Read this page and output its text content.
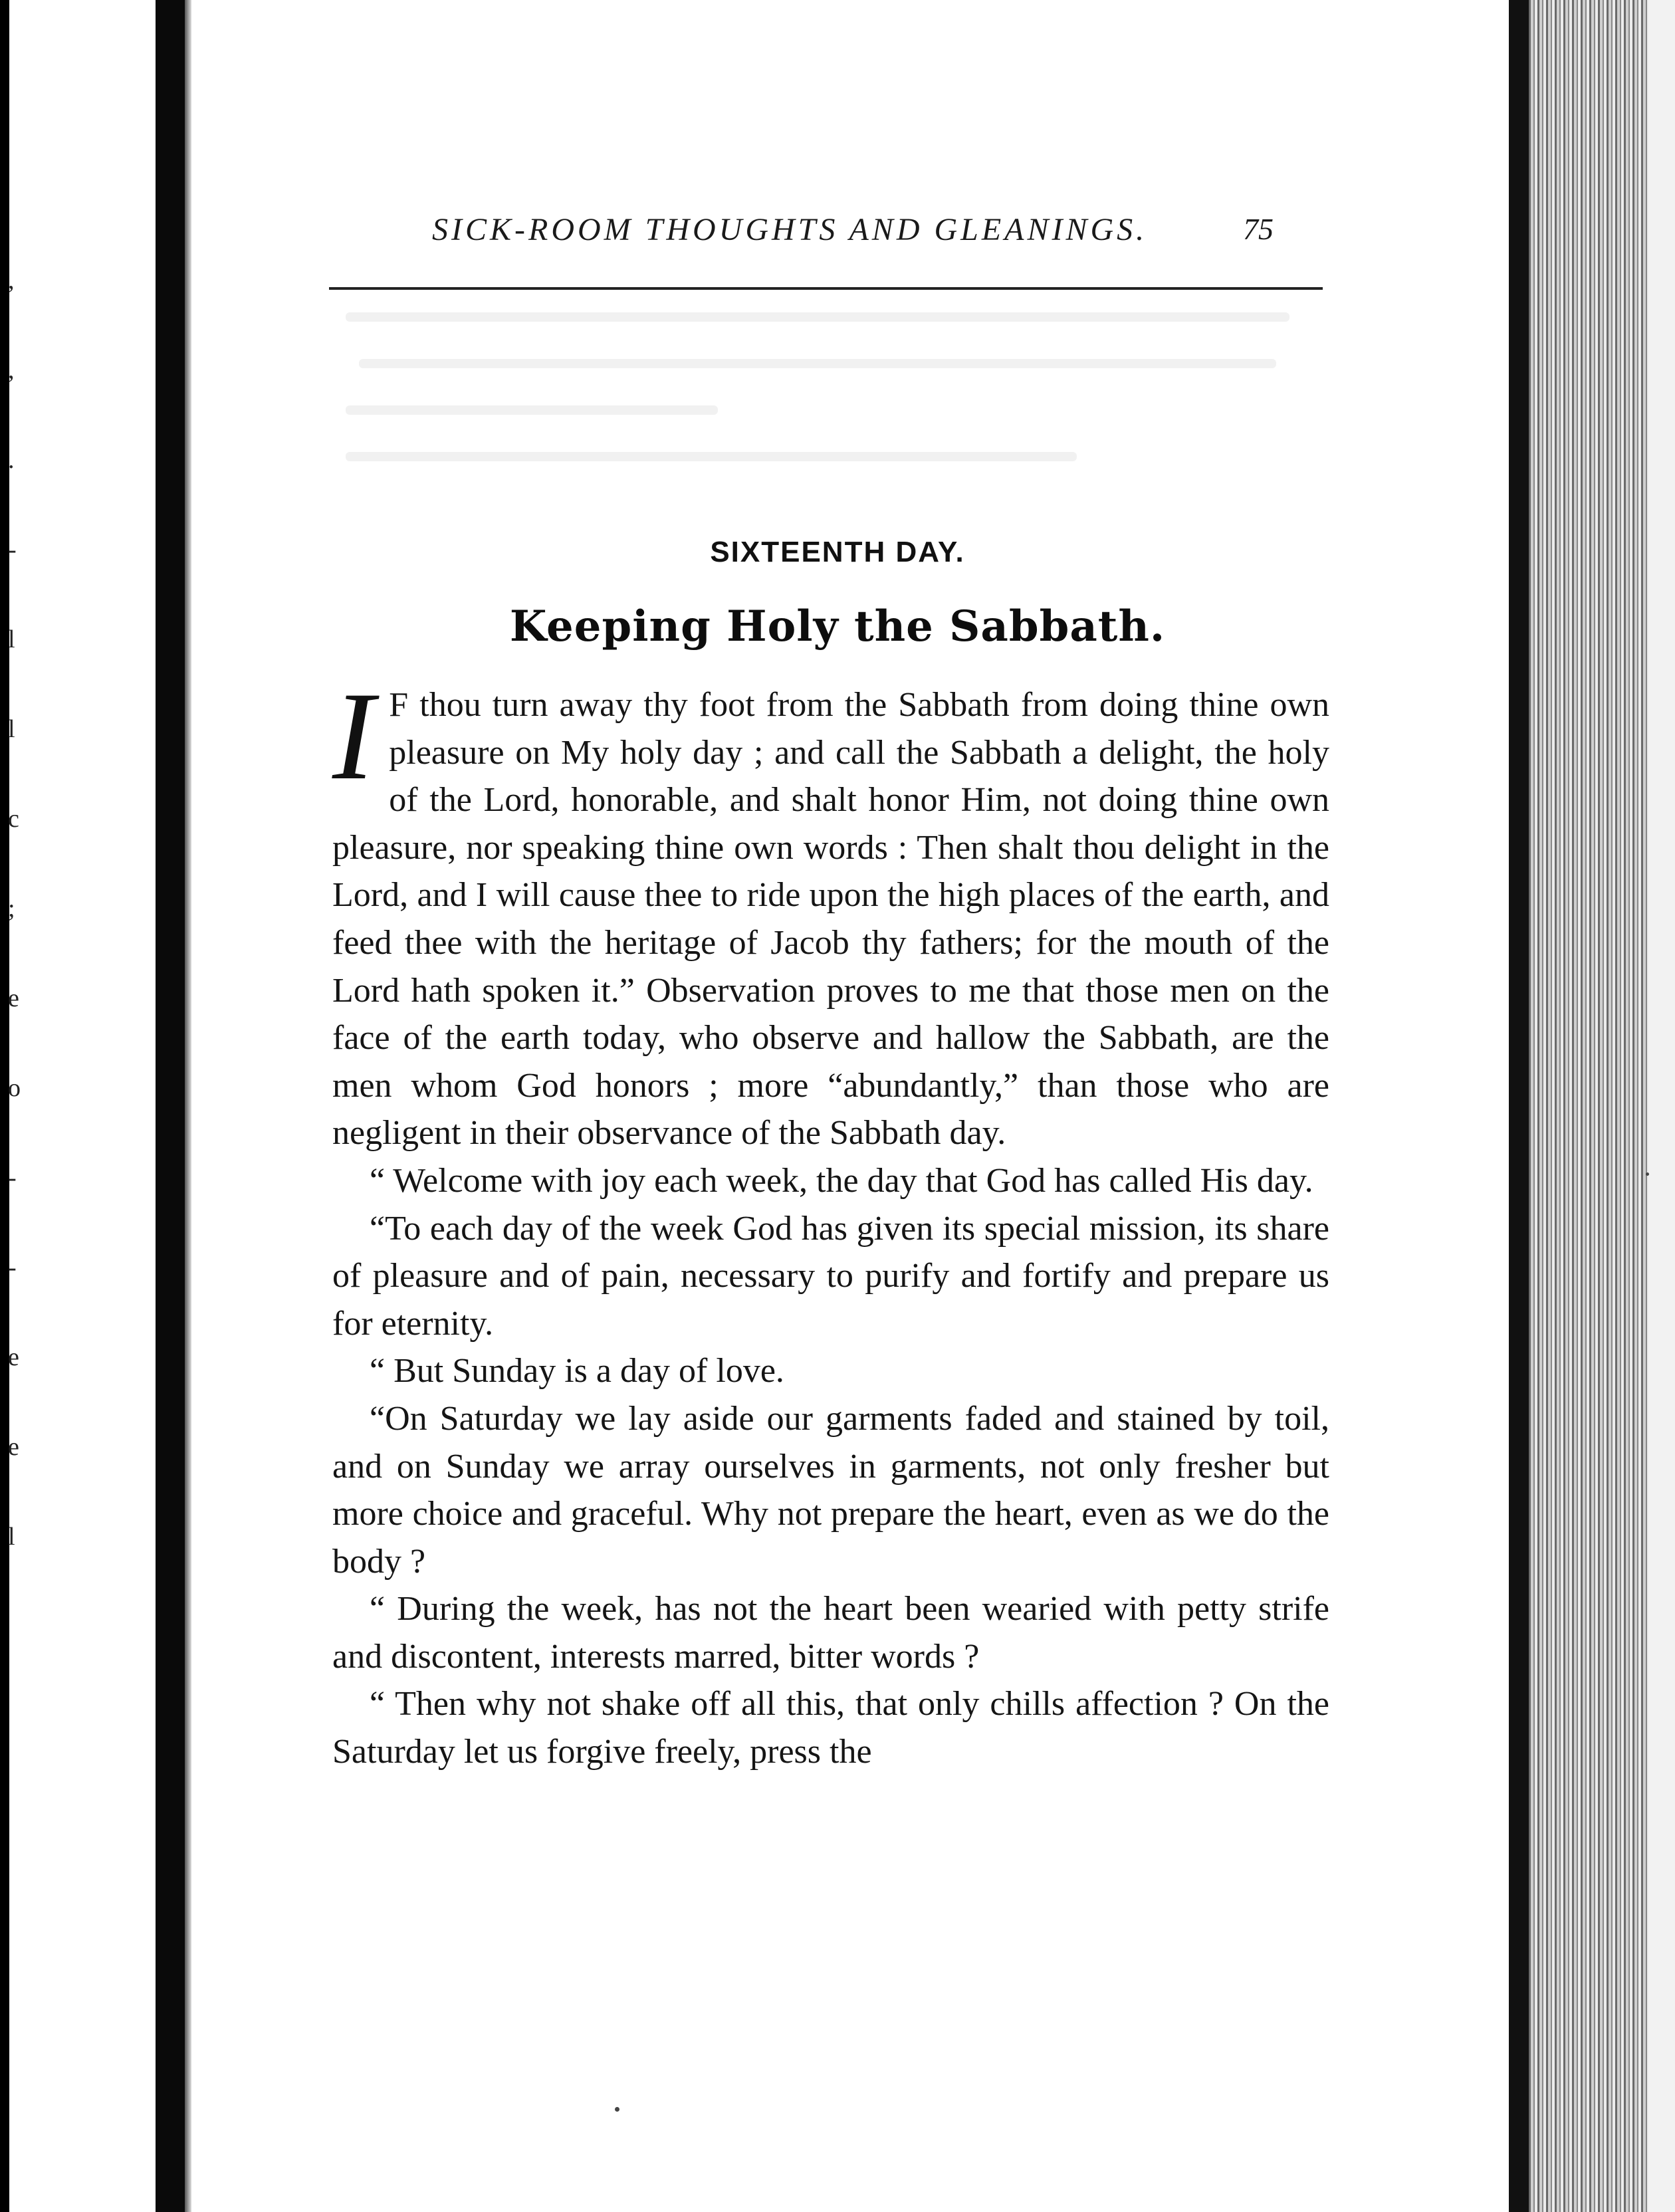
,
,
.
-
l
l
c
;
e
o
-
-
e
e
l
SICK-ROOM THOUGHTS AND GLEANINGS.	75
SIXTEENTH DAY.
Keeping Holy the Sabbath.

I F thou turn away thy foot from the Sabbath from doing thine own pleasure on My holy day ; and call the Sabbath a delight, the holy of the Lord, honorable, and shalt honor Him, not doing thine own pleasure, nor speaking thine own words : Then shalt thou delight in the Lord, and I will cause thee to ride upon the high places of the earth, and feed thee with the heritage of Jacob thy fathers; for the mouth of the Lord hath spoken it.” Observation proves to me that those men on the face of the earth today, who observe and hallow the Sabbath, are the men whom God honors ; more “abundantly,” than those who are negligent in their observance of the Sabbath day.

“ Welcome with joy each week, the day that God has called His day.

“To each day of the week God has given its special mission, its share of pleasure and of pain, necessary to purify and fortify and prepare us for eternity.

“ But Sunday is a day of love.

“On Saturday we lay aside our garments faded and stained by toil, and on Sunday we array ourselves in garments, not only fresher but more choice and graceful. Why not prepare the heart, even as we do the body ?

“ During the week, has not the heart been wearied with petty strife and discontent, interests marred, bitter words ?

“ Then why not shake off all this, that only chills affection ? On the Saturday let us forgive freely, press the
